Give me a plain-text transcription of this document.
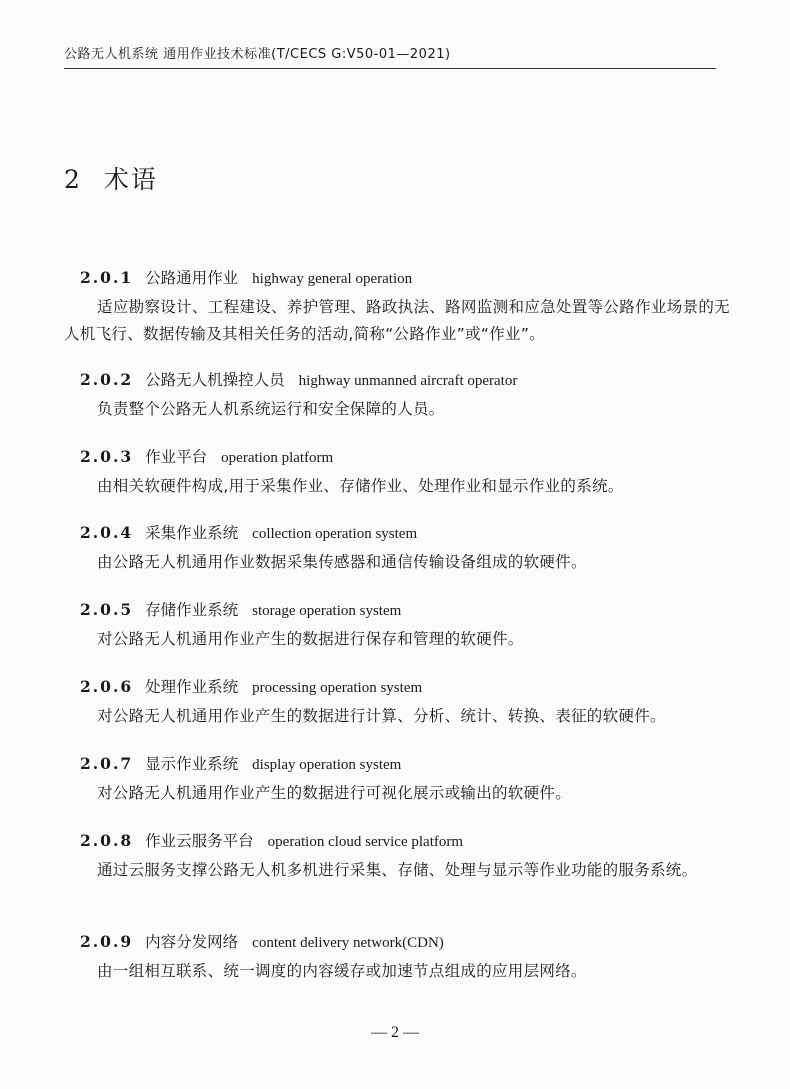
公路无人机系统 通用作业技术标准(T/CECS G:V50-01—2021)
2 术语
2.0.1 公路通用作业 highway general operation

适应勘察设计、工程建设、养护管理、路政执法、路网监测和应急处置等公路作业场景的无人机飞行、数据传输及其相关任务的活动,简称“公路作业”或“作业”。

2.0.2 公路无人机操控人员 highway unmanned aircraft operator

负责整个公路无人机系统运行和安全保障的人员。

2.0.3 作业平台 operation platform

由相关软硬件构成,用于采集作业、存储作业、处理作业和显示作业的系统。

2.0.4 采集作业系统 collection operation system

由公路无人机通用作业数据采集传感器和通信传输设备组成的软硬件。

2.0.5 存储作业系统 storage operation system

对公路无人机通用作业产生的数据进行保存和管理的软硬件。

2.0.6 处理作业系统 processing operation system

对公路无人机通用作业产生的数据进行计算、分析、统计、转换、表征的软硬件。

2.0.7 显示作业系统 display operation system

对公路无人机通用作业产生的数据进行可视化展示或输出的软硬件。

2.0.8 作业云服务平台 operation cloud service platform

通过云服务支撑公路无人机多机进行采集、存储、处理与显示等作业功能的服务系统。

2.0.9 内容分发网络 content delivery network(CDN)

由一组相互联系、统一调度的内容缓存或加速节点组成的应用层网络。

— 2 —
